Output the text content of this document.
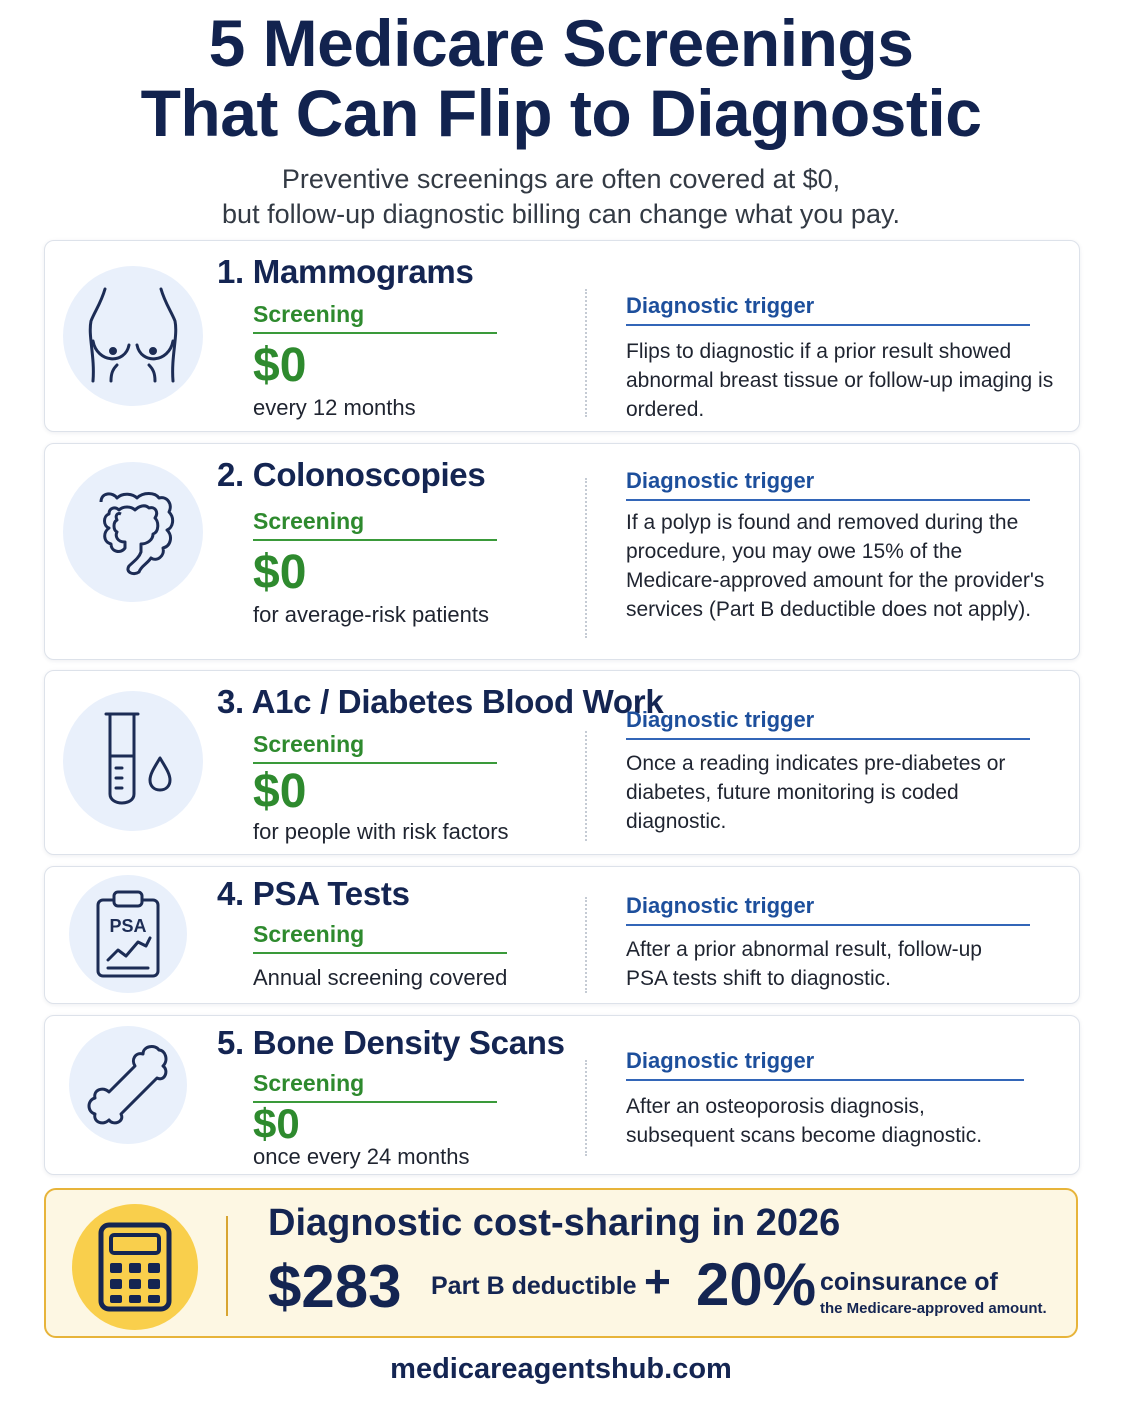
5 Medicare Screenings
That Can Flip to Diagnostic
Preventive screenings are often covered at $0,
but follow-up diagnostic billing can change what you pay.
1. Mammograms
Screening
$0
every 12 months
Diagnostic trigger
Flips to diagnostic if a prior result showed abnormal breast tissue or follow-up imaging is ordered.
2. Colonoscopies
Screening
$0
for average-risk patients
Diagnostic trigger
If a polyp is found and removed during the procedure, you may owe 15% of the Medicare-approved amount for the provider's services (Part B deductible does not apply).
3. A1c / Diabetes Blood Work
Screening
$0
for people with risk factors
Diagnostic trigger
Once a reading indicates pre-diabetes or diabetes, future monitoring is coded diagnostic.
PSA
4. PSA Tests
Screening
Annual screening covered
Diagnostic trigger
After a prior abnormal result, follow-up PSA tests shift to diagnostic.
5. Bone Density Scans
Screening
$0
once every 24 months
Diagnostic trigger
After an osteoporosis diagnosis, subsequent scans become diagnostic.
Diagnostic cost-sharing in 2026
$283 Part B deductible + 20% coinsurance of
the Medicare-approved amount.
medicareagentshub.com
